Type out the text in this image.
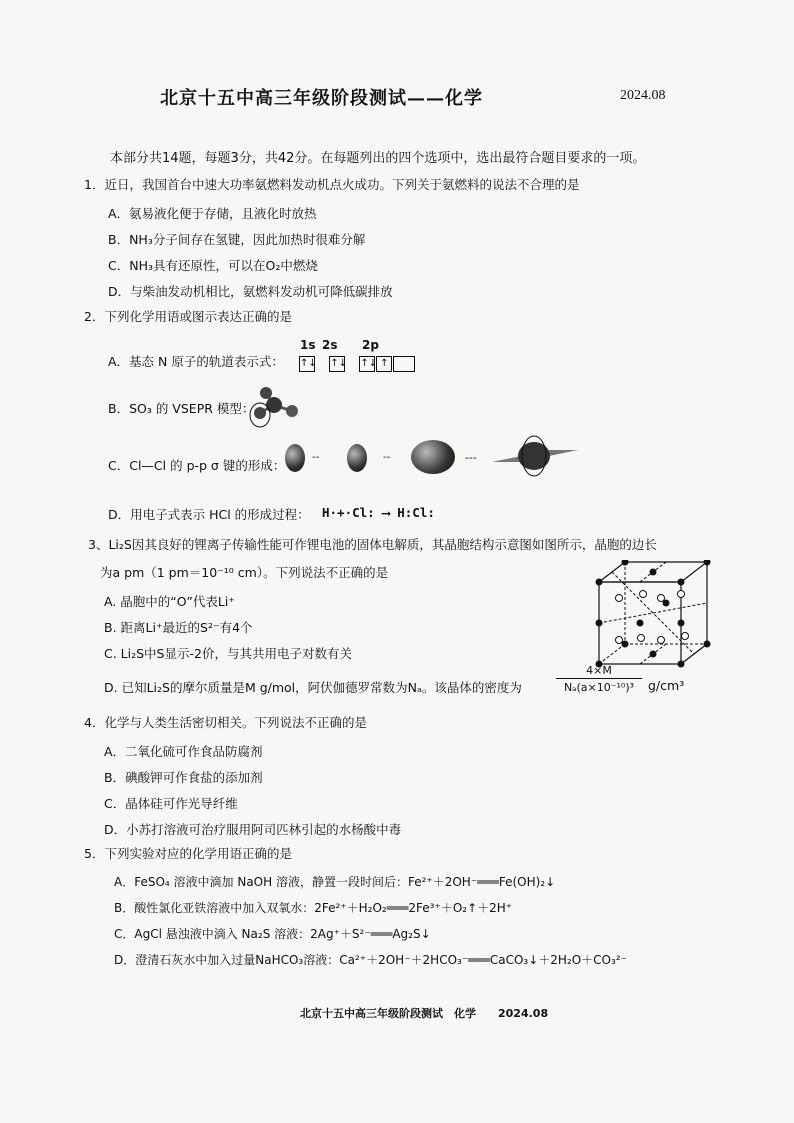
北京十五中高三年级阶段测试——化学	2024.08
本部分共14题，每题3分，共42分。在每题列出的四个选项中，选出最符合题目要求的一项。
1．近日，我国首台中速大功率氨燃料发动机点火成功。下列关于氨燃料的说法不合理的是
A．氨易液化便于存储，且液化时放热
B．NH₃分子间存在氢键，因此加热时很难分解
C．NH₃具有还原性，可以在O₂中燃烧
D．与柴油发动机相比，氨燃料发动机可降低碳排放
2．下列化学用语或图示表达正确的是
A．基态 N 原子的轨道表示式：
1s 2s 2p
↑↓ ↑↓ ↑↓ ↑
B．SO₃ 的 VSEPR 模型：
C．Cl—Cl 的 p-p σ 键的形成：
‐‐	‐‐	‐‐‐
D．用电子式表示 HCl 的形成过程： H·+·Cl: ⟶ H:Cl:
3、Li₂S因其良好的锂离子传输性能可作锂电池的固体电解质，其晶胞结构示意图如图所示，晶胞的边长
为a pm（1 pm＝10⁻¹⁰ cm）。下列说法不正确的是
A. 晶胞中的“O”代表Li⁺
B. 距离Li⁺最近的S²⁻有4个
C. Li₂S中S显示-2价，与其共用电子对数有关
D. 已知Li₂S的摩尔质量是M g/mol，阿伏伽德罗常数为Nₐ。该晶体的密度为	$\frac{4\times M}{\text{Nₐ(a×10⁻¹⁰)³}} g/cm^3$
4．化学与人类生活密切相关。下列说法不正确的是
A．二氧化硫可作食品防腐剂
B．碘酸钾可作食盐的添加剂
C．晶体硅可作光导纤维
D．小苏打溶液可治疗服用阿司匹林引起的水杨酸中毒
5．下列实验对应的化学用语正确的是
A．FeSO₄ 溶液中滴加 NaOH 溶液，静置一段时间后：Fe²⁺＋2OH⁻═══Fe(OH)₂↓
B．酸性氯化亚铁溶液中加入双氧水：2Fe²⁺＋H₂O₂═══2Fe³⁺＋O₂↑＋2H⁺
C．AgCl 悬浊液中滴入 Na₂S 溶液：2Ag⁺＋S²⁻═══Ag₂S↓
D．澄清石灰水中加入过量NaHCO₃溶液：Ca²⁺＋2OH⁻＋2HCO₃⁻═══CaCO₃↓＋2H₂O＋CO₃²⁻
北京十五中高三年级阶段测试　化学　　2024.08
